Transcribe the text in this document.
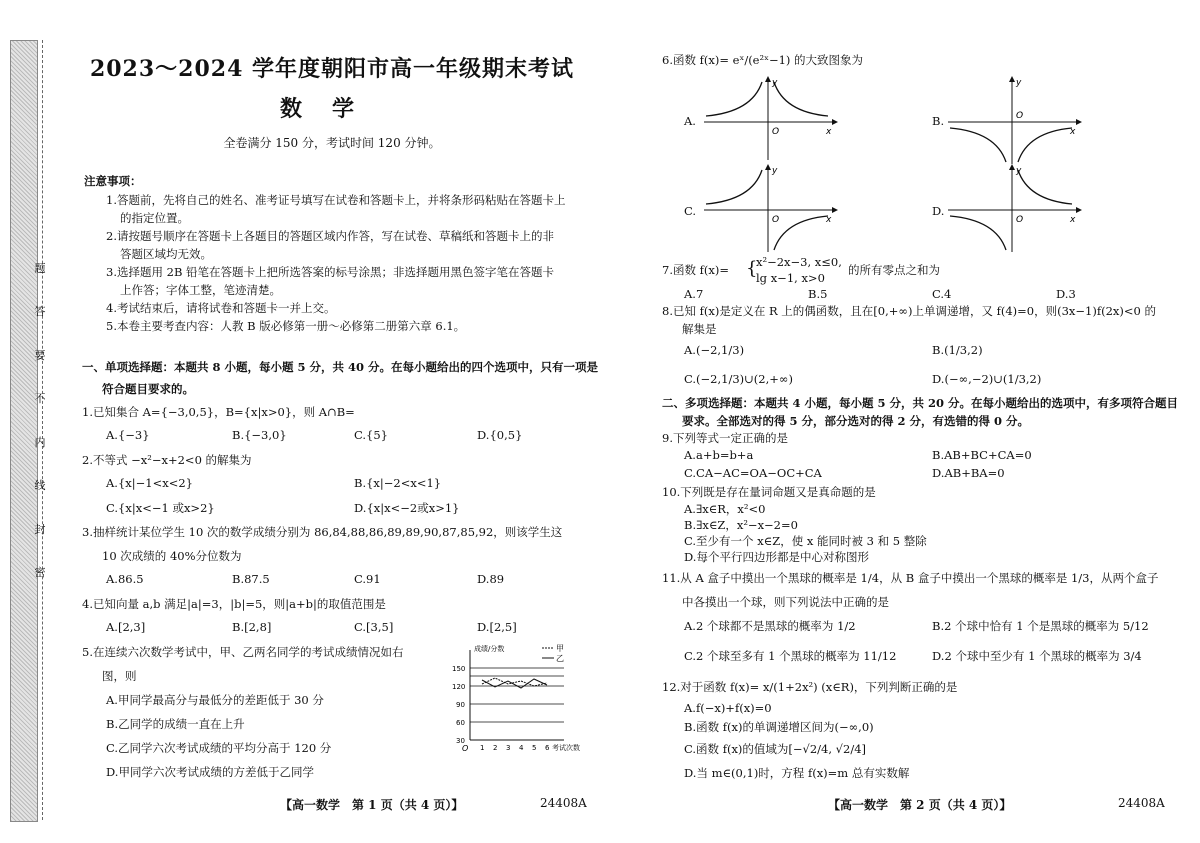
题
答
要
不
内
线
封
密
2023～2024 学年度朝阳市高一年级期末考试
数学
全卷满分 150 分，考试时间 120 分钟。
注意事项：
1.答题前，先将自己的姓名、准考证号填写在试卷和答题卡上，并将条形码粘贴在答题卡上
的指定位置。
2.请按题号顺序在答题卡上各题目的答题区域内作答，写在试卷、草稿纸和答题卡上的非
答题区域均无效。
3.选择题用 2B 铅笔在答题卡上把所选答案的标号涂黑；非选择题用黑色签字笔在答题卡
上作答；字体工整，笔迹清楚。
4.考试结束后，请将试卷和答题卡一并上交。
5.本卷主要考查内容：人教 B 版必修第一册～必修第二册第六章 6.1。
一、单项选择题：本题共 8 小题，每小题 5 分，共 40 分。在每小题给出的四个选项中，只有一项是
符合题目要求的。
1.已知集合 A={−3,0,5}，B={x|x>0}，则 A∩B=
A.{−3}	B.{−3,0}	C.{5}	D.{0,5}
2.不等式 −x²−x+2<0 的解集为
A.{x|−1<x<2}	B.{x|−2<x<1}
C.{x|x<−1 或x>2}	D.{x|x<−2或x>1}
3.抽样统计某位学生 10 次的数学成绩分别为 86,84,88,86,89,89,90,87,85,92，则该学生这
10 次成绩的 40%分位数为
A.86.5	B.87.5	C.91	D.89
4.已知向量 a,b 满足|a|=3，|b|=5，则|a+b|的取值范围是
A.[2,3]	B.[2,8]	C.[3,5]	D.[2,5]
5.在连续六次数学考试中，甲、乙两名同学的考试成绩情况如右
图，则
A.甲同学最高分与最低分的差距低于 30 分
B.乙同学的成绩一直在上升
C.乙同学六次考试成绩的平均分高于 120 分
D.甲同学六次考试成绩的方差低于乙同学
成绩/分数	甲
乙
150
120
90
60
30
O 1 2 3 4 5 6 考试次数
【高一数学　第 1 页（共 4 页）】	24408A
6.函数 f(x)= eˣ/(e²ˣ−1) 的大致图象为
A.
O	x
y
B.	O
x
y
C.
O	x
y
D.
O	x
y
7.函数 f(x)= {
x²−2x−3, x≤0,
lg x−1, x>0
的所有零点之和为
A.7	B.5	C.4	D.3
8.已知 f(x)是定义在 R 上的偶函数，且在[0,+∞)上单调递增，又 f(4)=0，则(3x−1)f(2x)<0 的
解集是
A.(−2,1/3)	B.(1/3,2)
C.(−2,1/3)∪(2,+∞)	D.(−∞,−2)∪(1/3,2)
二、多项选择题：本题共 4 小题，每小题 5 分，共 20 分。在每小题给出的选项中，有多项符合题目
要求。全部选对的得 5 分，部分选对的得 2 分，有选错的得 0 分。
9.下列等式一定正确的是
A.a+b=b+a	B.AB+BC+CA=0
C.CA−AC=OA−OC+CA	D.AB+BA=0
10.下列既是存在量词命题又是真命题的是
A.∃x∈R，x²<0
B.∃x∈Z，x²−x−2=0
C.至少有一个 x∈Z，使 x 能同时被 3 和 5 整除
D.每个平行四边形都是中心对称图形
11.从 A 盒子中摸出一个黑球的概率是 1/4，从 B 盒子中摸出一个黑球的概率是 1/3，从两个盒子
中各摸出一个球，则下列说法中正确的是
A.2 个球都不是黑球的概率为 1/2	B.2 个球中恰有 1 个是黑球的概率为 5/12
C.2 个球至多有 1 个黑球的概率为 11/12	D.2 个球中至少有 1 个黑球的概率为 3/4
12.对于函数 f(x)= x/(1+2x²) (x∈R)，下列判断正确的是
A.f(−x)+f(x)=0
B.函数 f(x)的单调递增区间为(−∞,0)
C.函数 f(x)的值域为[−√2/4, √2/4]
D.当 m∈(0,1)时，方程 f(x)=m 总有实数解
【高一数学　第 2 页（共 4 页）】	24408A
